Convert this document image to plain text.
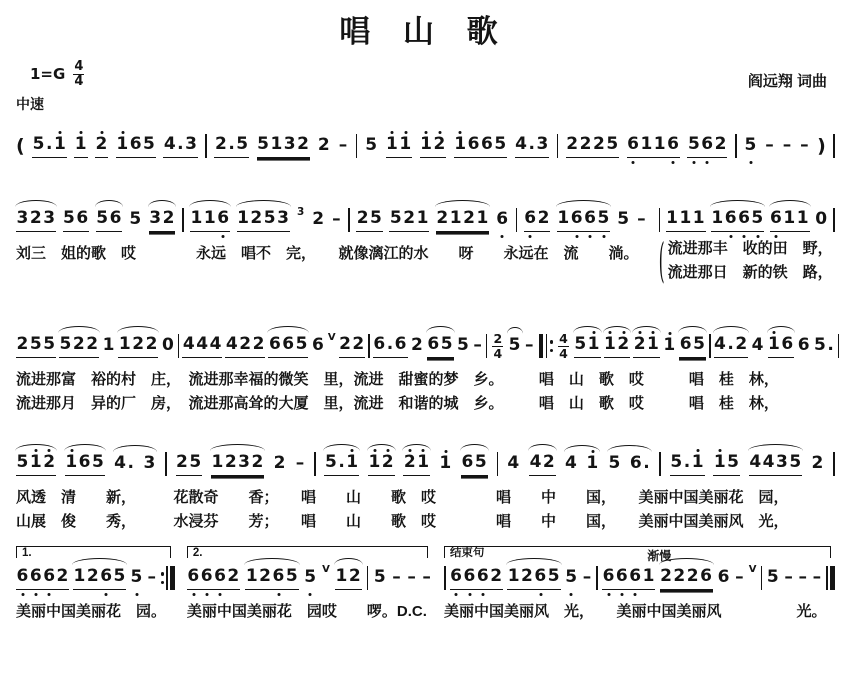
唱 山 歌
$1=G \frac{4}{4}$	阎远翔 词曲
中速
( 5 . 1 1 2 1 6 5 4 . 3 2 . 5 5 1 3 2 2 – 5 1 1 1 2 1 6 6 5 4 . 3 2 2 2 5 6 1 1 6 5 6 2 5 – – – )
3 2 3 5 6 5 6 5 3 2 1 1 6 1 2 5 3 3 2 – 2 5 5 2 1 2 1 2 1 6 6 2 1 6 6 5 5 –
刘三　姐的歌　哎　　　　永远　唱不　完，　　就像漓江的水　　呀　　永远在　流　　淌。
1 1 1 1 6 6 5 6 1 1 0
( 流进那丰　收的田　野，
流进那日　新的铁　路，
2 5 5 5 2 2 1 1 2 2 0 4 4 4 4 2 2 6 6 5 6 V 2 2 6 . 6 2 6 5 $5 - \frac{2}{4} 5$ –
流进那富　裕的村　庄，　流进那幸福的微笑　里，流进　甜蜜的梦　乡。
流进那月　异的厂　房，　流进那高耸的大厦　里，流进　和谐的城　乡。
$\frac{4}{4} 5$ 1 1 2 2 1 1 6 5 4 . 2 4 1 6 6 5 .
唱　山　歌　哎　　　唱　桂　林，
唱　山　歌　哎　　　唱　桂　林，
5 1 2 1 6 5 4 . 3 2 5 1 2 3 2 2 – 5 . 1 1 2 2 1 1 6 5 4 4 2 4 1 5 6 . 5 . 1 1 5 4 4 3 5 2
风透　清　　新，　　　花散奇　　香；　　唱　　山　　歌　哎　　　　唱　　中　　国，　　美丽中国美丽花　园，
山展　俊　　秀，　　　水浸芬　　芳；　　唱　　山　　歌　哎　　　　唱　　中　　国，　　美丽中国美丽风　光，
1.
6 6 6 2 1 2 6 5 5 –
美丽中国美丽花　园。
2.
6 6 6 2 1 2 6 5 5 V 1 2 5 – – –
美丽中国美丽花　园哎　　啰。D.C.
结束句	渐慢
6 6 6 2 1 2 6 5 5 – 6 6 6 1 2 2 2 6 6 – V 5 – – –
美丽中国美丽风　光，　　美丽中国美丽风　　　　　光。
